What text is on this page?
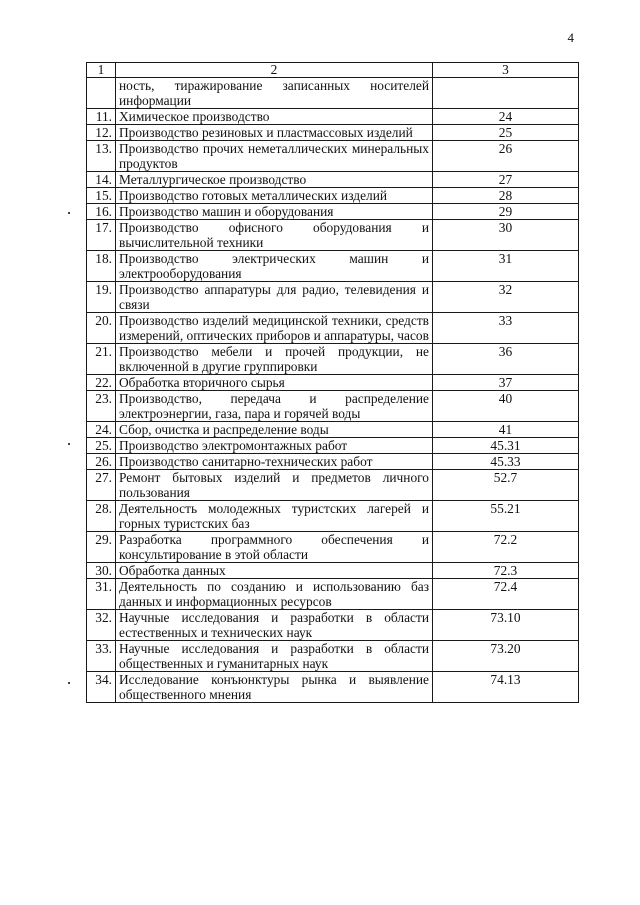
4
1	2	3
	ность, тиражирование записанных носителей информации	
11.	Химическое производство	24
12.	Производство резиновых и пластмассовых изделий	25
13.	Производство прочих неметаллических минеральных продуктов	26
14.	Металлургическое производство	27
15.	Производство готовых металлических изделий	28
16.	Производство машин и оборудования	29
17.	Производство офисного оборудования и вычислительной техники	30
18.	Производство электрических машин и электрооборудования	31
19.	Производство аппаратуры для радио, телевидения и связи	32
20.	Производство изделий медицинской техники, средств измерений, оптических приборов и аппаратуры, часов	33
21.	Производство мебели и прочей продукции, не включенной в другие группировки	36
22.	Обработка вторичного сырья	37
23.	Производство, передача и распределение электроэнергии, газа, пара и горячей воды	40
24.	Сбор, очистка и распределение воды	41
25.	Производство электромонтажных работ	45.31
26.	Производство санитарно-технических работ	45.33
27.	Ремонт бытовых изделий и предметов личного пользования	52.7
28.	Деятельность молодежных туристских лагерей и горных туристских баз	55.21
29.	Разработка программного обеспечения и консультирование в этой области	72.2
30.	Обработка данных	72.3
31.	Деятельность по созданию и использованию баз данных и информационных ресурсов	72.4
32.	Научные исследования и разработки в области естественных и технических наук	73.10
33.	Научные исследования и разработки в области общественных и гуманитарных наук	73.20
34.	Исследование конъюнктуры рынка и выявление общественного мнения	74.13
